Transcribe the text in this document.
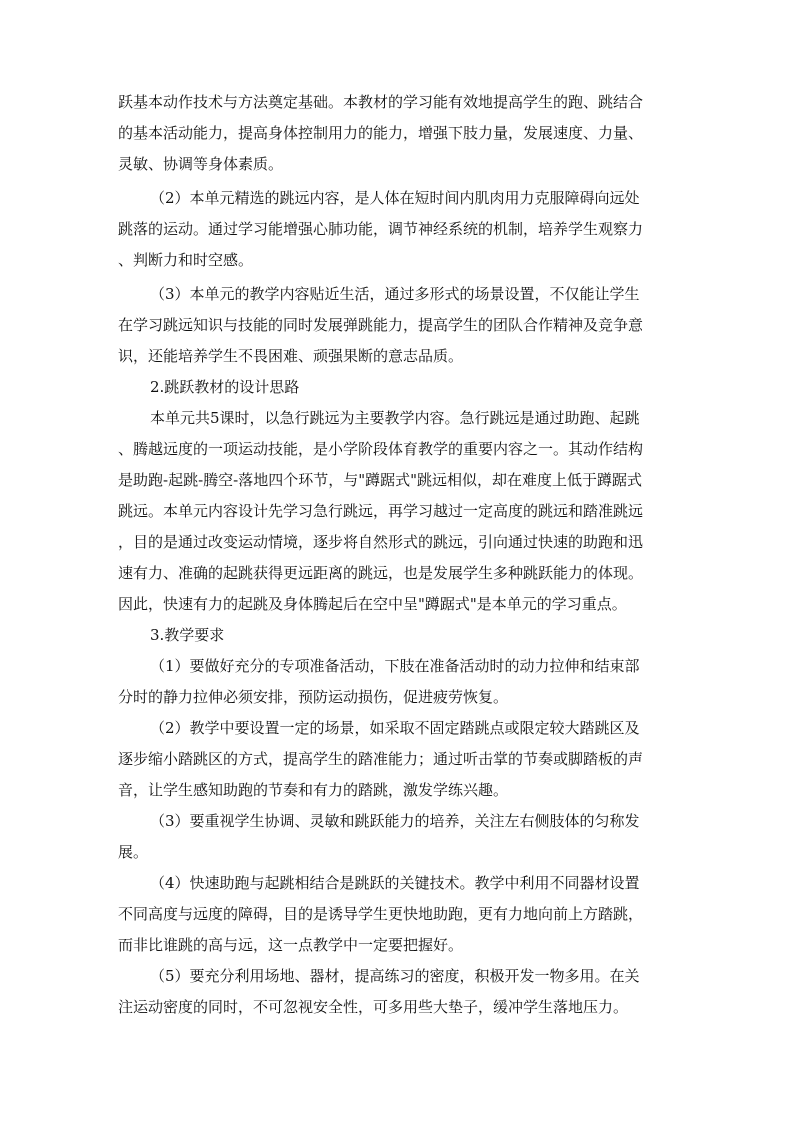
跃基本动作技术与方法奠定基础。本教材的学习能有效地提高学生的跑、跳结合
的基本活动能力，提高身体控制用力的能力，增强下肢力量，发展速度、力量、
灵敏、协调等身体素质。
（2）本单元精选的跳远内容，是人体在短时间内肌肉用力克服障碍向远处
跳落的运动。通过学习能增强心肺功能，调节神经系统的机制，培养学生观察力
、判断力和时空感。
（3）本单元的教学内容贴近生活，通过多形式的场景设置，不仅能让学生
在学习跳远知识与技能的同时发展弹跳能力，提高学生的团队合作精神及竞争意
识，还能培养学生不畏困难、顽强果断的意志品质。
2.跳跃教材的设计思路
本单元共5课时，以急行跳远为主要教学内容。急行跳远是通过助跑、起跳
、腾越远度的一项运动技能，是小学阶段体育教学的重要内容之一。其动作结构
是助跑-起跳-腾空-落地四个环节，与"蹲踞式"跳远相似，却在难度上低于蹲踞式
跳远。本单元内容设计先学习急行跳远，再学习越过一定高度的跳远和踏准跳远
，目的是通过改变运动情境，逐步将自然形式的跳远，引向通过快速的助跑和迅
速有力、准确的起跳获得更远距离的跳远，也是发展学生多种跳跃能力的体现。
因此，快速有力的起跳及身体腾起后在空中呈"蹲踞式"是本单元的学习重点。
3.教学要求
（1）要做好充分的专项准备活动，下肢在准备活动时的动力拉伸和结束部
分时的静力拉伸必须安排，预防运动损伤，促进疲劳恢复。
（2）教学中要设置一定的场景，如采取不固定踏跳点或限定较大踏跳区及
逐步缩小踏跳区的方式，提高学生的踏准能力；通过听击掌的节奏或脚踏板的声
音，让学生感知助跑的节奏和有力的踏跳，激发学练兴趣。
（3）要重视学生协调、灵敏和跳跃能力的培养，关注左右侧肢体的匀称发
展。
（4）快速助跑与起跳相结合是跳跃的关键技术。教学中利用不同器材设置
不同高度与远度的障碍，目的是诱导学生更快地助跑，更有力地向前上方踏跳，
而非比谁跳的高与远，这一点教学中一定要把握好。
（5）要充分利用场地、器材，提高练习的密度，积极开发一物多用。在关
注运动密度的同时，不可忽视安全性，可多用些大垫子，缓冲学生落地压力。
